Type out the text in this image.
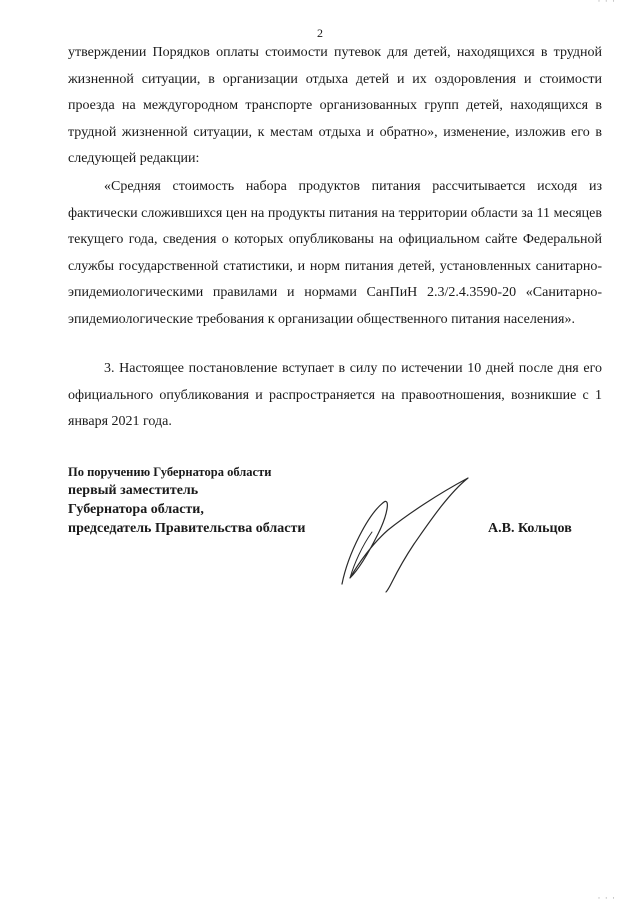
· · ·
2

утверждении Порядков оплаты стоимости путевок для детей, находящихся в трудной жизненной ситуации, в организации отдыха детей и их оздоровления и стоимости проезда на междугородном транспорте организованных групп детей, находящихся в трудной жизненной ситуации, к местам отдыха и обратно», изменение, изложив его в следующей редакции:

«Средняя стоимость набора продуктов питания рассчитывается исходя из фактически сложившихся цен на продукты питания на территории области за 11 месяцев текущего года, сведения о которых опубликованы на официальном сайте Федеральной службы государственной статистики, и норм питания детей, установленных санитарно-эпидемиологическими правилами и нормами СанПиН 2.3/2.4.3590-20 «Санитарно-эпидемиологические требования к организации общественного питания населения».

3. Настоящее постановление вступает в силу по истечении 10 дней после дня его официального опубликования и распространяется на правоотношения, возникшие с 1 января 2021 года.

По поручению Губернатора области
первый заместитель
Губернатора области,
председатель Правительства области	А.В. Кольцов
· · ·
